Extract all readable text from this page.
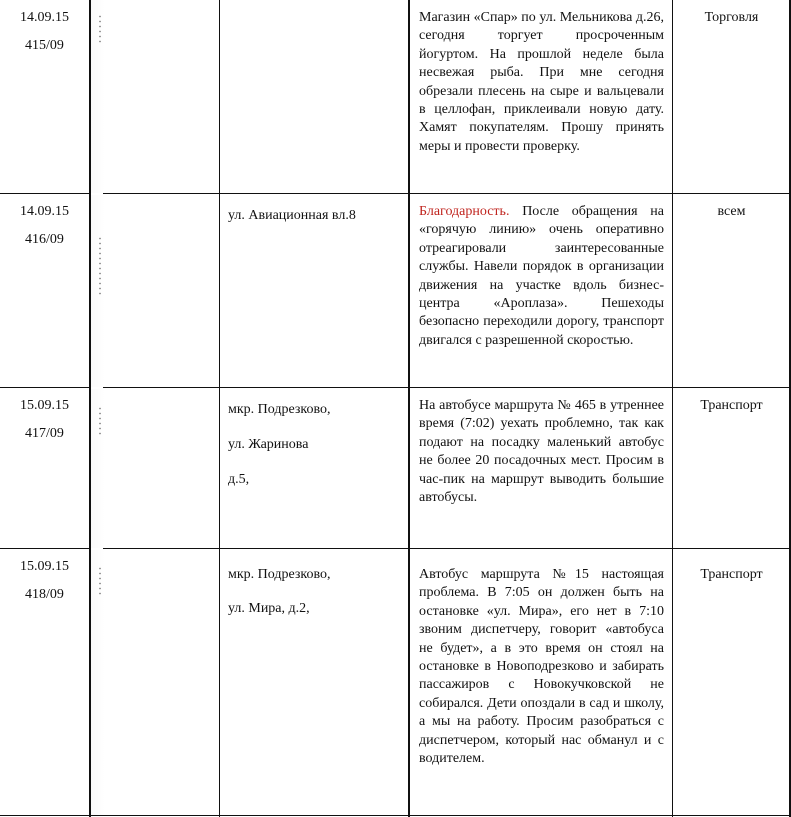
14.09.15
415/09
Магазин «Спар» по ул. Мельникова д.26, сегодня торгует просроченным йогуртом. На прошлой неделе была несвежая рыба. При мне сегодня обрезали плесень на сыре и вальцевали в целлофан, приклеивали новую дату. Хамят покупателям. Прошу принять меры и провести проверку.
Торговля
14.09.15
416/09
ул. Авиационная вл.8	Благодарность. После обращения на «горячую линию» очень оперативно отреагировали заинтересованные службы. Навели порядок в организации движения на участке вдоль бизнес-центра «Ароплаза». Пешеходы безопасно переходили дорогу, транспорт двигался с разрешенной скоростью.
всем
15.09.15
417/09
мкр. Подрезково,
ул. Жаринова
д.5,
На автобусе маршрута № 465 в утреннее время (7:02) уехать проблемно, так как подают на посадку маленький автобус не более 20 посадочных мест. Просим в час-пик на маршрут выводить большие автобусы.
Транспорт
15.09.15
418/09
мкр. Подрезково,
ул. Мира, д.2,
Автобус маршрута №15 настоящая проблема. В 7:05 он должен быть на остановке «ул. Мира», его нет в 7:10 звоним диспетчеру, говорит «автобуса не будет», а в это время он стоял на остановке в Новоподрезково и забирать пассажиров с Новокучковской не собирался. Дети опоздали в сад и школу, а мы на работу. Просим разобраться с диспетчером, который нас обманул и с водителем.
Транспорт
